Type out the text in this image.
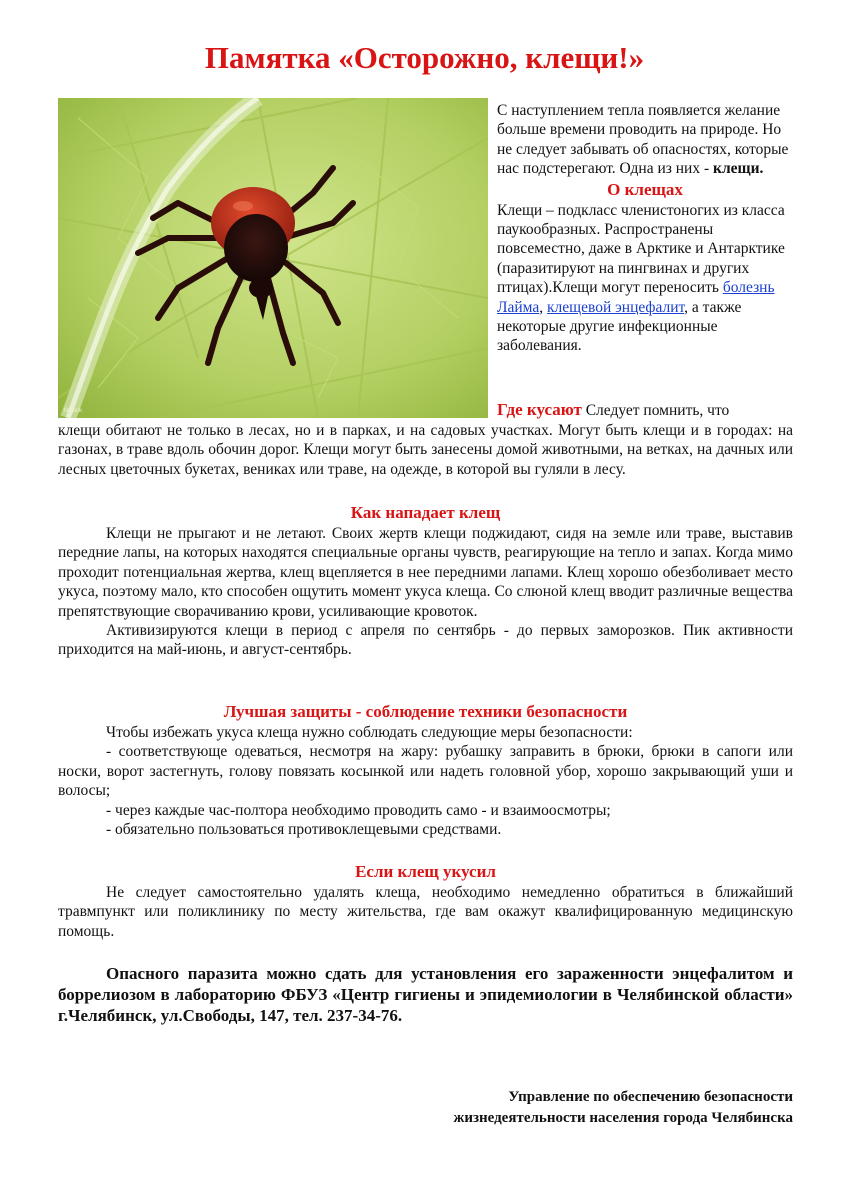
Памятка «Осторожно, клещи!»
ticktick

С наступлением тепла появляется желание больше времени проводить на природе. Но не следует забывать об опасностях, которые нас подстерегают. Одна из них - клещи.

О клещах

Клещи – подкласс членистоногих из класса паукообразных. Распространены повсеместно, даже в Арктике и Антарктике (паразитируют на пингвинах и других птицах).Клещи могут переносить болезнь Лайма, клещевой энцефалит, а также некоторые другие инфекционные заболевания.

Где кусают Следует помнить, что

клещи обитают не только в лесах, но и в парках, и на садовых участках. Могут быть клещи и в городах: на газонах, в траве вдоль обочин дорог. Клещи могут быть занесены домой животными, на ветках, на дачных или лесных цветочных букетах, вениках или траве, на одежде, в которой вы гуляли в лесу.

Как нападает клещ

Клещи не прыгают и не летают. Своих жертв клещи поджидают, сидя на земле или траве, выставив передние лапы, на которых находятся специальные органы чувств, реагирующие на тепло и запах. Когда мимо проходит потенциальная жертва, клещ вцепляется в нее передними лапами. Клещ хорошо обезболивает место укуса, поэтому мало, кто способен ощутить момент укуса клеща. Со слюной клещ вводит различные вещества препятствующие сворачиванию крови, усиливающие кровоток.

Активизируются клещи в период с апреля по сентябрь - до первых заморозков. Пик активности приходится на май-июнь, и август-сентябрь.

Лучшая защиты - соблюдение техники безопасности

Чтобы избежать укуса клеща нужно соблюдать следующие меры безопасности:

- соответствующе одеваться, несмотря на жару: рубашку заправить в брюки, брюки в сапоги или носки, ворот застегнуть, голову повязать косынкой или надеть головной убор, хорошо закрывающий уши и волосы;

- через каждые час-полтора необходимо проводить само - и взаимоосмотры;

- обязательно пользоваться противоклещевыми средствами.

Если клещ укусил

Не следует самостоятельно удалять клеща, необходимо немедленно обратиться в ближайший травмпункт или поликлинику по месту жительства, где вам окажут квалифицированную медицинскую помощь.

Опасного паразита можно сдать для установления его зараженности энцефалитом и боррелиозом в лабораторию ФБУЗ «Центр гигиены и эпидемиологии в Челябинской области» г.Челябинск, ул.Свободы, 147, тел. 237-34-76.

Управление по обеспечению безопасности
жизнедеятельности населения города Челябинска
